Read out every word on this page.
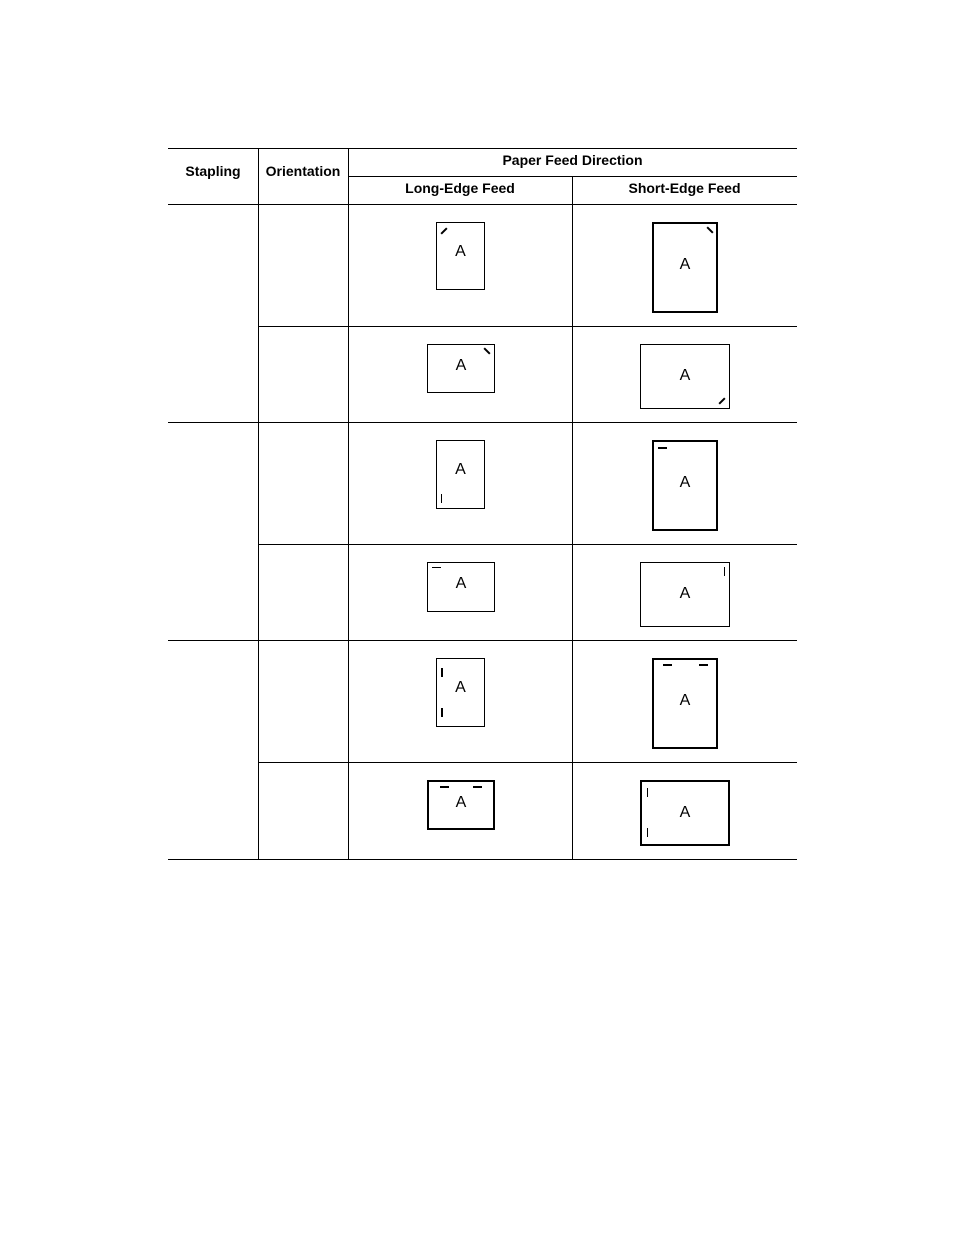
Stapling	Orientation
Paper Feed Direction
Long-Edge Feed	Short-Edge Feed
A
A
A
A
A
A
A
A
A
A
A
A
